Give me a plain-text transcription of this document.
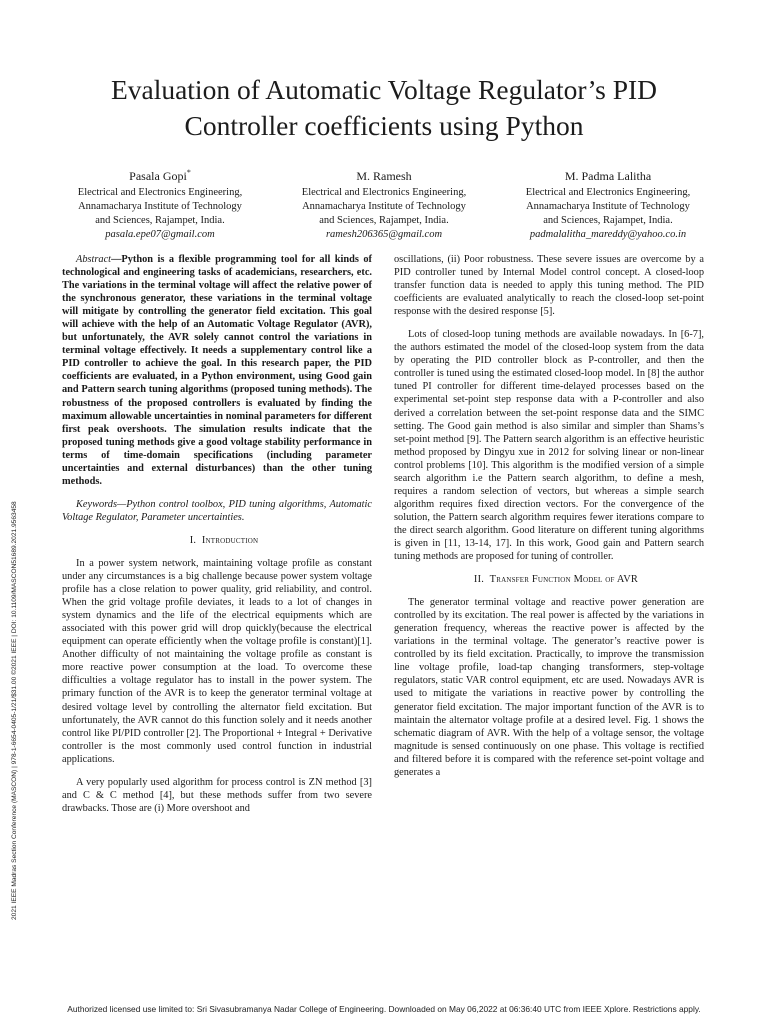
2021 IEEE Madras Section Conference (MASCON) | 978-1-6654-0405-1/21/$31.00 ©2021 IEEE | DOI: 10.1109/MASCON51689.2021.9563458
Evaluation of Automatic Voltage Regulator’s PID
Controller coefficients using Python
Pasala Gopi*
Electrical and Electronics Engineering,
Annamacharya Institute of Technology
and Sciences, Rajampet, India.
pasala.epe07@gmail.com
M. Ramesh
Electrical and Electronics Engineering,
Annamacharya Institute of Technology
and Sciences, Rajampet, India.
ramesh206365@gmail.com
M. Padma Lalitha
Electrical and Electronics Engineering,
Annamacharya Institute of Technology
and Sciences, Rajampet, India.
padmalalitha_mareddy@yahoo.co.in

Abstract—Python is a flexible programming tool for all kinds of technological and engineering tasks of academicians, researchers, etc. The variations in the terminal voltage will affect the relative power of the synchronous generator, these variations in the terminal voltage will mitigate by controlling the generator field excitation. This goal will achieve with the help of an Automatic Voltage Regulator (AVR), but unfortunately, the AVR solely cannot control the variations in terminal voltage effectively. It needs a supplementary control like a PID controller to achieve the goal. In this research paper, the PID coefficients are evaluated, in a Python environment, using Good gain and Pattern search tuning algorithms (proposed tuning methods). The robustness of the proposed controllers is evaluated by finding the maximum allowable uncertainties in nominal parameters for different first peak overshoots. The simulation results indicate that the proposed tuning methods give a good voltage stability performance in terms of time-domain specifications (including parameter uncertainties and external disturbances) than the other tuning methods.

Keywords—Python control toolbox, PID tuning algorithms, Automatic Voltage Regulator, Parameter uncertainties.

I. Introduction

In a power system network, maintaining voltage profile as constant under any circumstances is a big challenge because power system voltage profile has a close relation to power quality, grid reliability, and control. When the grid voltage profile deviates, it leads to a lot of changes in system dynamics and the life of the electrical equipments which are associated with this power grid will drop quickly(because the electrical equipment can operate efficiently when the voltage profile is constant)[1]. Another difficulty of not maintaining the voltage profile as constant is more reactive power consumption at the load. To overcome these difficulties a voltage regulator has to install in the power system. The primary function of the AVR is to keep the generator terminal voltage at desired voltage level by controlling the alternator field excitation. But unfortunately, the AVR cannot do this function solely and it needs another control like PI/PID controller [2]. The Proportional + Integral + Derivative controller is the most commonly used control function in industrial applications.

A very popularly used algorithm for process control is ZN method [3] and C & C method [4], but these methods suffer from two severe drawbacks. Those are (i) More overshoot and

oscillations, (ii) Poor robustness. These severe issues are overcome by a PID controller tuned by Internal Model control concept. A closed-loop transfer function data is needed to apply this tuning method. The PID coefficients are evaluated analytically to reach the closed-loop set-point response with the desired response [5].

Lots of closed-loop tuning methods are available nowadays. In [6-7], the authors estimated the model of the closed-loop system from the data by operating the PID controller block as P-controller, and then the controller is tuned using the estimated closed-loop model. In [8] the author tuned PI controller for different time-delayed processes based on the experimental set-point step response data with a P-controller and also derived a correlation between the set-point response data and the SIMC setting. The Good gain method is also similar and simpler than Shams’s set-point method [9]. The Pattern search algorithm is an effective heuristic method proposed by Dingyu xue in 2012 for solving linear or non-linear control problems [10]. This algorithm is the modified version of a simple search algorithm i.e the Pattern search algorithm, to define a mesh, requires a random selection of vectors, but whereas a simple search algorithm requires fixed direction vectors. For the convergence of the solution, the Pattern search algorithm requires fewer iterations compare to the direct search algorithm. Good literature on different tuning algorithms is given in [11, 13-14, 17]. In this work, Good gain and Pattern search tuning methods are proposed for tuning of controller.

II. Transfer Function Model of AVR

The generator terminal voltage and reactive power generation are controlled by its excitation. The real power is affected by the variations in generation frequency, whereas the reactive power is affected by the variations in the terminal voltage. The generator’s reactive power is controlled by its field excitation. Practically, to improve the transmission line voltage profile, load-tap changing transformers, step-voltage regulators, static VAR control equipment, etc are used. Nowadays AVR is used to mitigate the variations in reactive power by controlling the generator field excitation. The major important function of the AVR is to maintain the alternator voltage profile at a desired level. Fig. 1 shows the schematic diagram of AVR. With the help of a voltage sensor, the voltage magnitude is sensed continuously on one phase. This voltage is rectified and filtered before it is compared with the reference set-point voltage and generates a

Authorized licensed use limited to: Sri Sivasubramanya Nadar College of Engineering. Downloaded on May 06,2022 at 06:36:40 UTC from IEEE Xplore. Restrictions apply.
